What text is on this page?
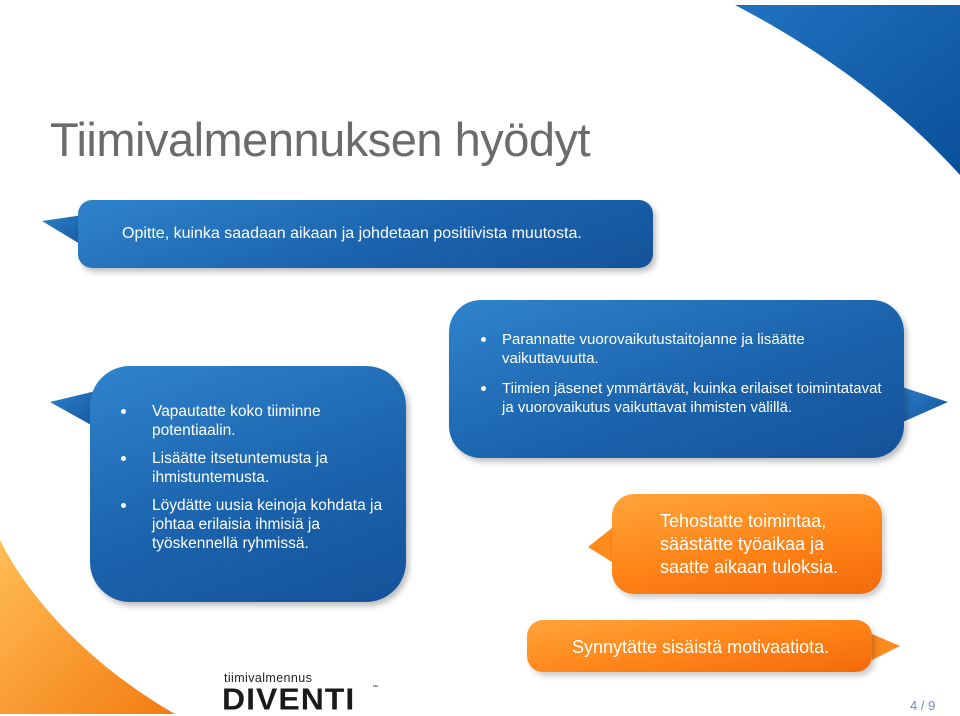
Tiimivalmennuksen hyödyt
Opitte, kuinka saadaan aikaan ja johdetaan positiivista muutosta.
Vapautatte koko tiiminne potentiaalin.
Lisäätte itsetuntemusta ja ihmistuntemusta.
Löydätte uusia keinoja kohdata ja johtaa erilaisia ihmisiä ja työskennellä ryhmissä.
Parannatte vuorovaikutustaitojanne ja lisäätte vaikuttavuutta.
Tiimien jäsenet ymmärtävät, kuinka erilaiset toimintatavat ja vuorovaikutus vaikuttavat ihmisten välillä.
Tehostatte toimintaa, säästätte työaikaa ja saatte aikaan tuloksia.
Synnytätte sisäistä motivaatiota.
tiimivalmennus
DIVENTI	™
4 / 9
